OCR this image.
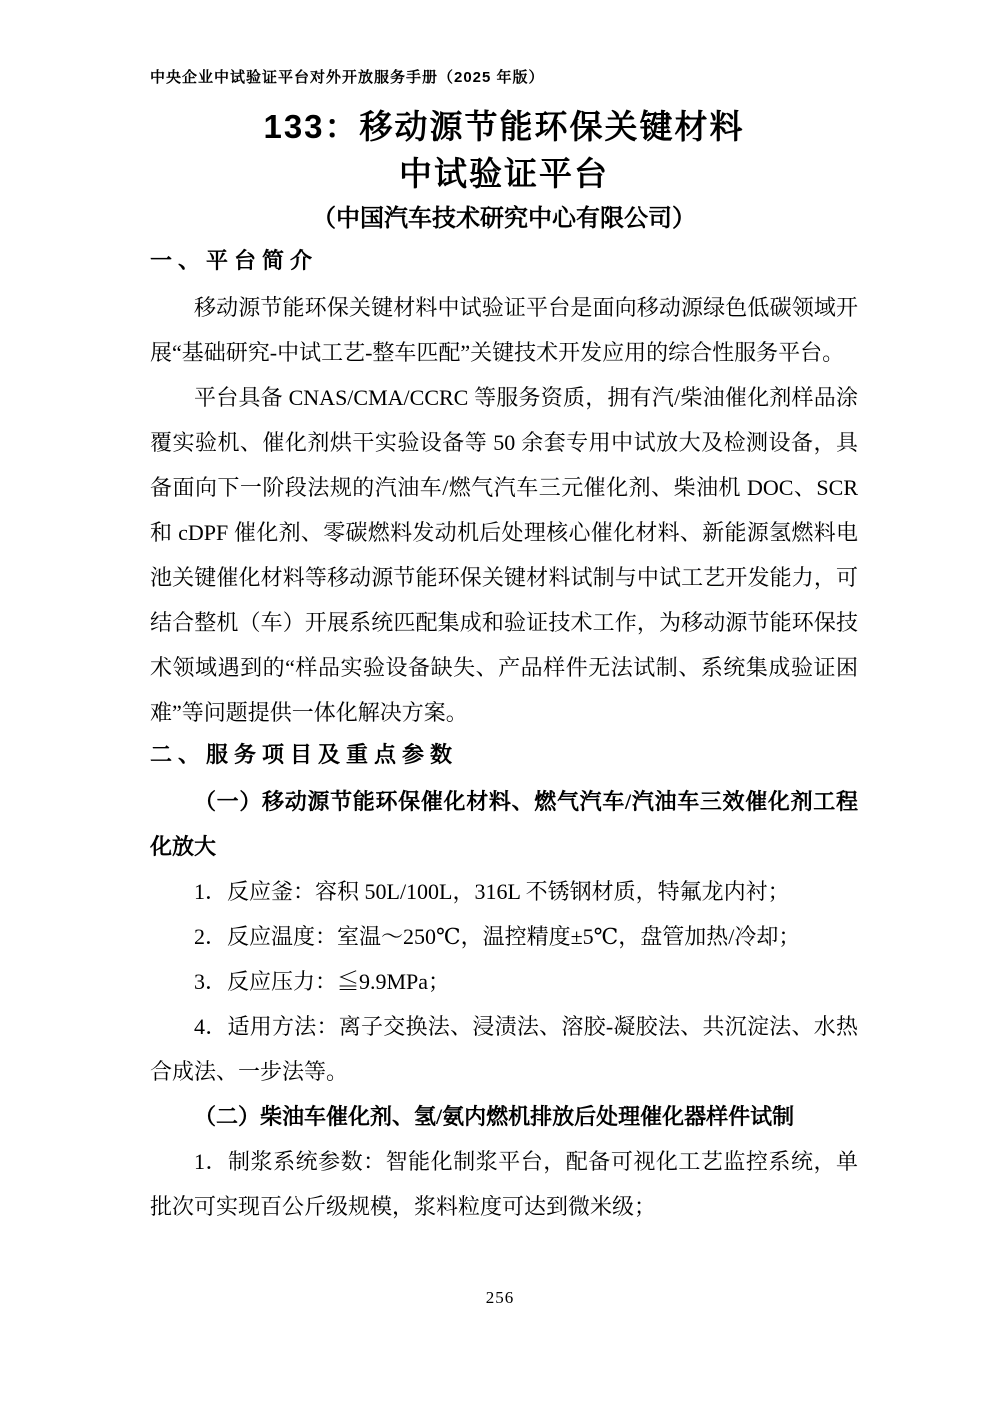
中央企业中试验证平台对外开放服务手册（2025 年版）
133：移动源节能环保关键材料
中试验证平台
（中国汽车技术研究中心有限公司）
一、平台简介

移动源节能环保关键材料中试验证平台是面向移动源绿色低碳领域开展“基础研究-中试工艺-整车匹配”关键技术开发应用的综合性服务平台。

平台具备 CNAS/CMA/CCRC 等服务资质，拥有汽/柴油催化剂样品涂覆实验机、催化剂烘干实验设备等 50 余套专用中试放大及检测设备，具备面向下一阶段法规的汽油车/燃气汽车三元催化剂、柴油机 DOC、SCR 和 cDPF 催化剂、零碳燃料发动机后处理核心催化材料、新能源氢燃料电池关键催化材料等移动源节能环保关键材料试制与中试工艺开发能力，可结合整机（车）开展系统匹配集成和验证技术工作，为移动源节能环保技术领域遇到的“样品实验设备缺失、产品样件无法试制、系统集成验证困难”等问题提供一体化解决方案。

二、服务项目及重点参数

（一）移动源节能环保催化材料、燃气汽车/汽油车三效催化剂工程化放大

1．反应釜：容积 50L/100L，316L 不锈钢材质，特氟龙内衬；

2．反应温度：室温～250℃，温控精度±5℃，盘管加热/冷却；

3．反应压力：≦9.9MPa；

4．适用方法：离子交换法、浸渍法、溶胶-凝胶法、共沉淀法、水热合成法、一步法等。

（二）柴油车催化剂、氢/氨内燃机排放后处理催化器样件试制

1．制浆系统参数：智能化制浆平台，配备可视化工艺监控系统，单批次可实现百公斤级规模，浆料粒度可达到微米级；

256
